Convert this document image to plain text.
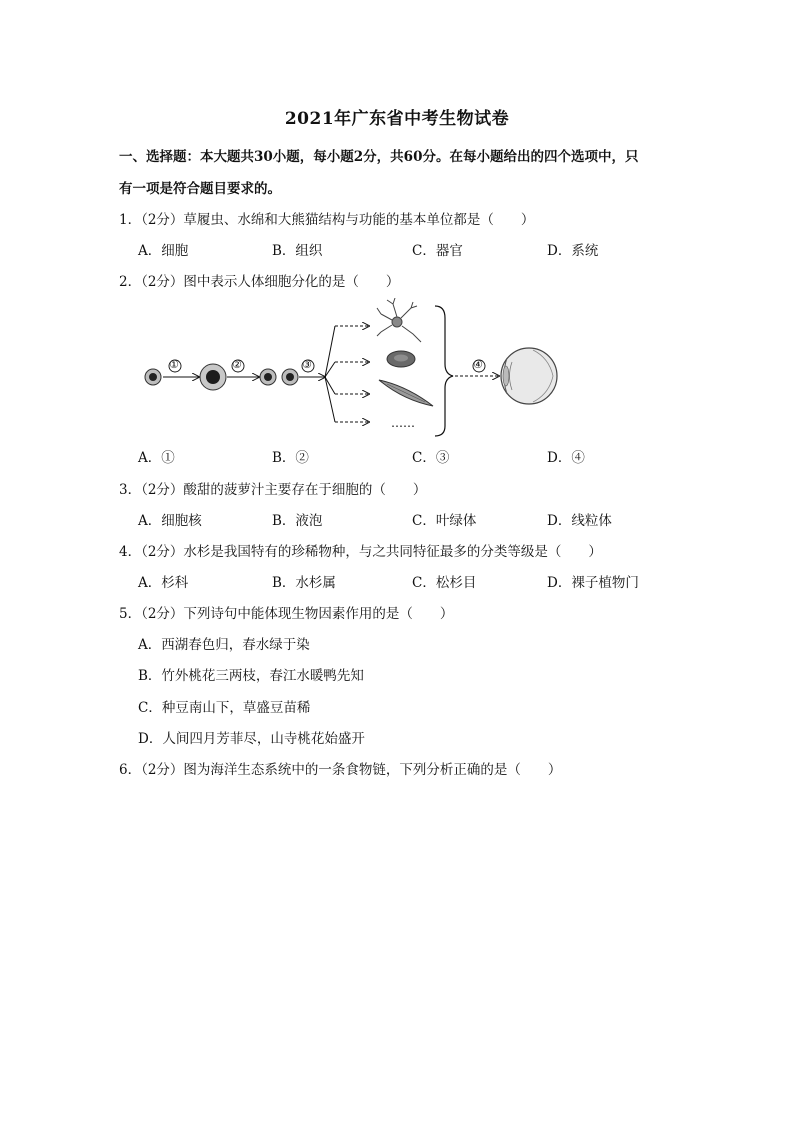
2021年广东省中考生物试卷
一、选择题：本大题共30小题，每小题2分，共60分。在每小题给出的四个选项中，只
有一项是符合题目要求的。
1．（2分）草履虫、水绵和大熊猫结构与功能的基本单位都是（　　）
A．细胞	B．组织	C．器官	D．系统
2．（2分）图中表示人体细胞分化的是（　　）
……
①	②	③	④
A．①	B．②	C．③	D．④
3．（2分）酸甜的菠萝汁主要存在于细胞的（　　）
A．细胞核	B．液泡	C．叶绿体	D．线粒体
4．（2分）水杉是我国特有的珍稀物种，与之共同特征最多的分类等级是（　　）
A．杉科	B．水杉属	C．松杉目	D．裸子植物门
5．（2分）下列诗句中能体现生物因素作用的是（　　）
A．西湖春色归，春水绿于染
B．竹外桃花三两枝，春江水暖鸭先知
C．种豆南山下，草盛豆苗稀
D．人间四月芳菲尽，山寺桃花始盛开
6．（2分）图为海洋生态系统中的一条食物链，下列分析正确的是（　　）
